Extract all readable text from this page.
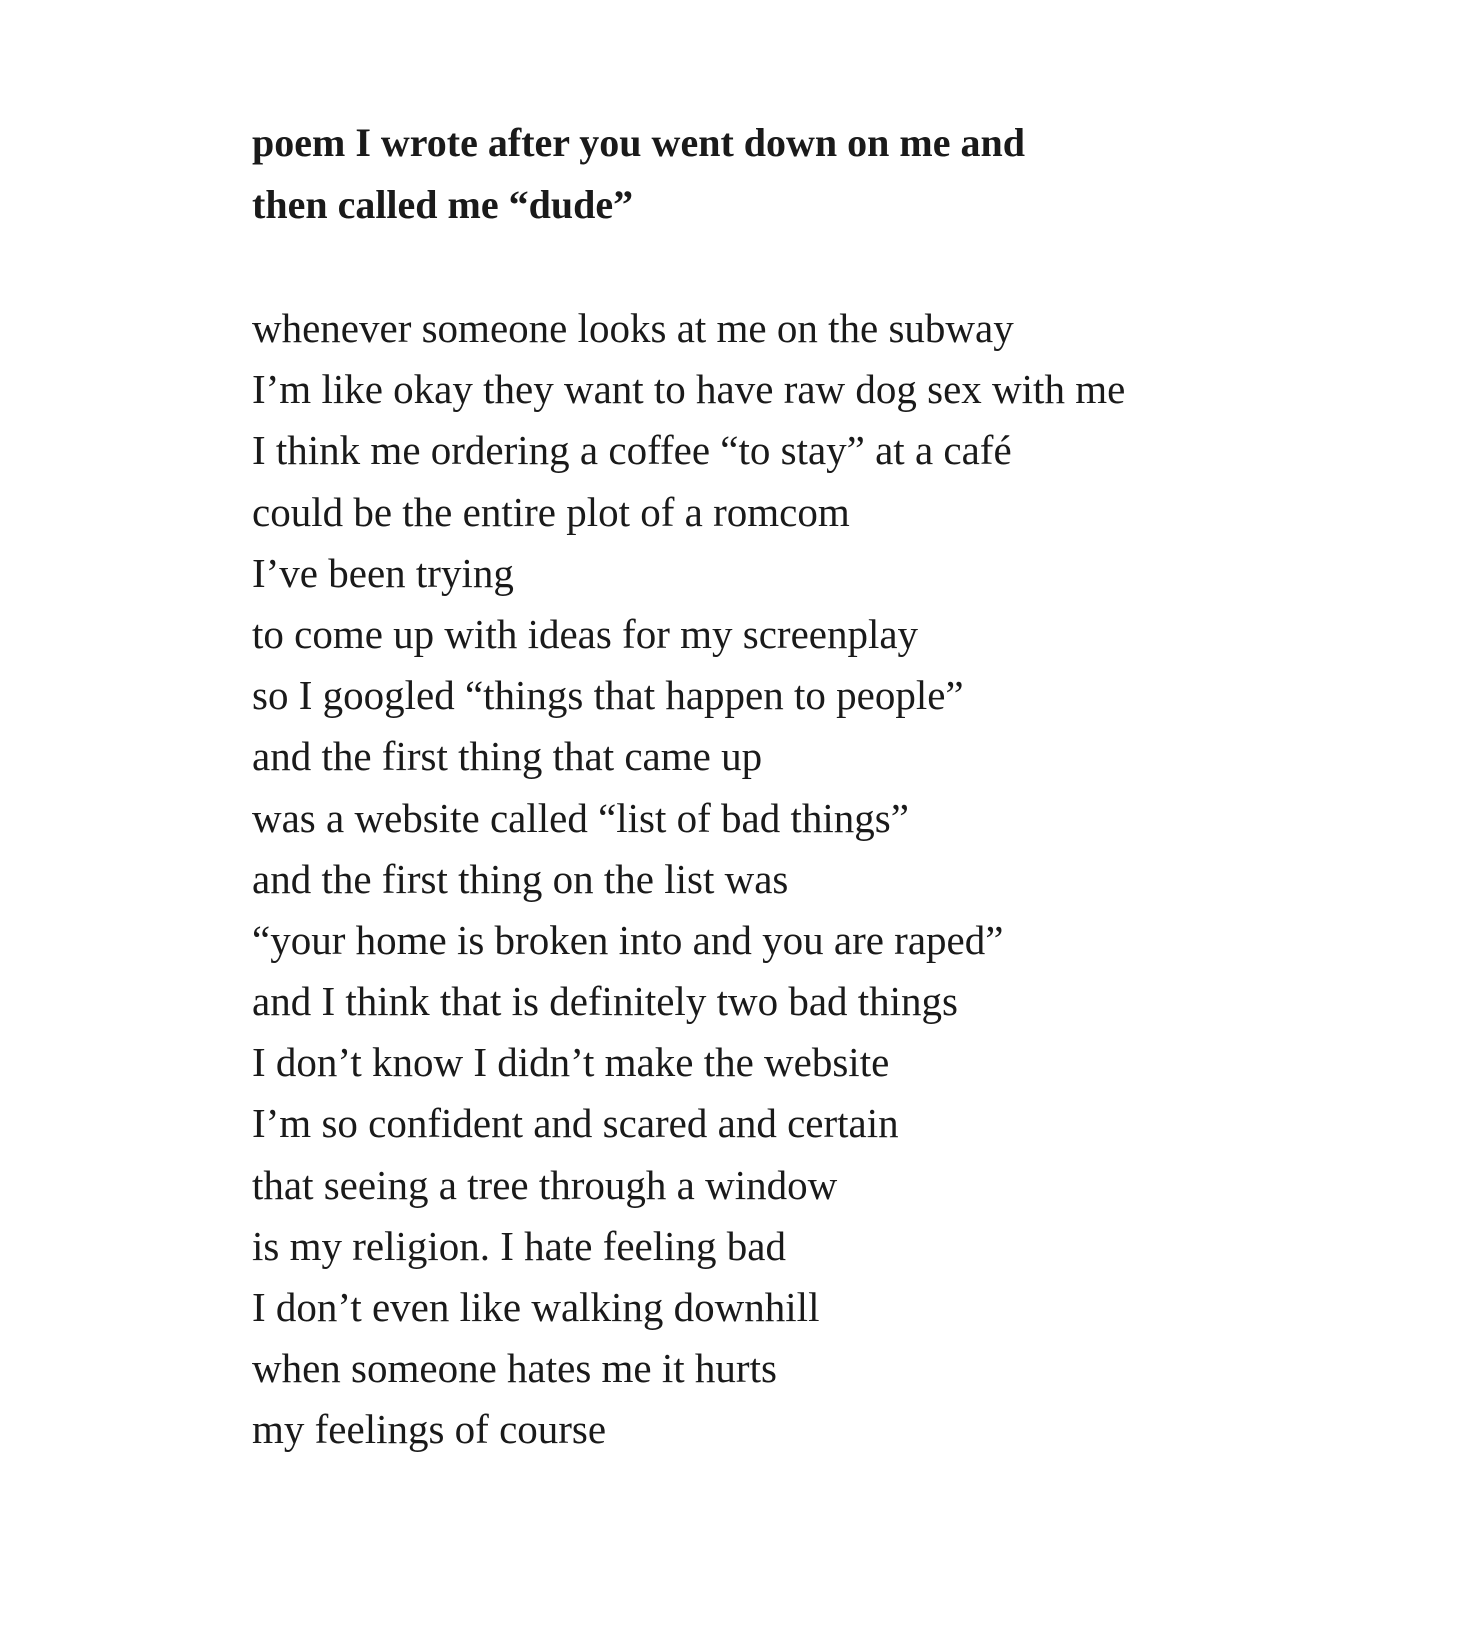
poem I wrote after you went down on me and
then called me “dude”
whenever someone looks at me on the subway
I’m like okay they want to have raw dog sex with me
I think me ordering a coffee “to stay” at a café
could be the entire plot of a romcom
I’ve been trying
to come up with ideas for my screenplay
so I googled “things that happen to people”
and the first thing that came up
was a website called “list of bad things”
and the first thing on the list was
“your home is broken into and you are raped”
and I think that is definitely two bad things
I don’t know I didn’t make the website
I’m so confident and scared and certain
that seeing a tree through a window
is my religion. I hate feeling bad
I don’t even like walking downhill
when someone hates me it hurts
my feelings of course
